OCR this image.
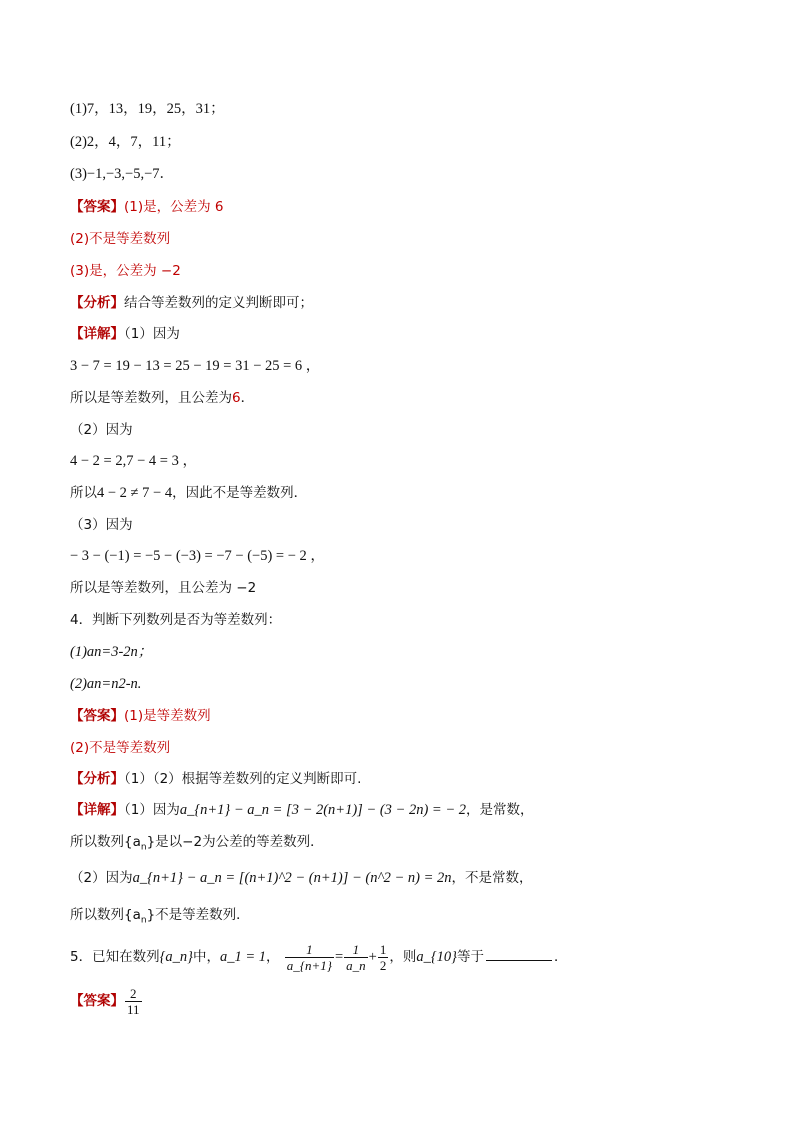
(1)7，13，19，25，31；
(2)2，4，7，11；
(3)−1,−3,−5,−7．
【答案】(1)是，公差为 6
(2)不是等差数列
(3)是，公差为 −2
【分析】结合等差数列的定义判断即可；
【详解】（1）因为
3 − 7 = 19 − 13 = 25 − 19 = 31 − 25 = 6 ，
所以是等差数列，且公差为6．
（2）因为
4 − 2 = 2,7 − 4 = 3 ，
所以4 − 2 ≠ 7 − 4，因此不是等差数列．
（3）因为
− 3 − (−1) = −5 − (−3) = −7 − (−5) = − 2 ，
所以是等差数列，且公差为 −2
4．判断下列数列是否为等差数列：
(1)an=3-2n；
(2)an=n2-n.
【答案】(1)是等差数列
(2)不是等差数列
【分析】（1）（2）根据等差数列的定义判断即可.
【详解】（1）因为a_{n+1} − a_n = [3 − 2(n+1)] − (3 − 2n) = − 2，是常数，
所以数列$\{a_n\}$是以−2为公差的等差数列．
（2）因为a_{n+1} − a_n = [(n+1)^2 − (n+1)] − (n^2 − n) = 2n，不是常数，
所以数列$\{a_n\}$不是等差数列．
5．已知在数列{a_n}中，a_1 = 1， $\frac{1}{a\_\{n+1\}} = \frac{1}{a\_n} + \frac{1}{2}$ ，则a_{10}等于	．
【答案】 $\frac{2}{11}$
